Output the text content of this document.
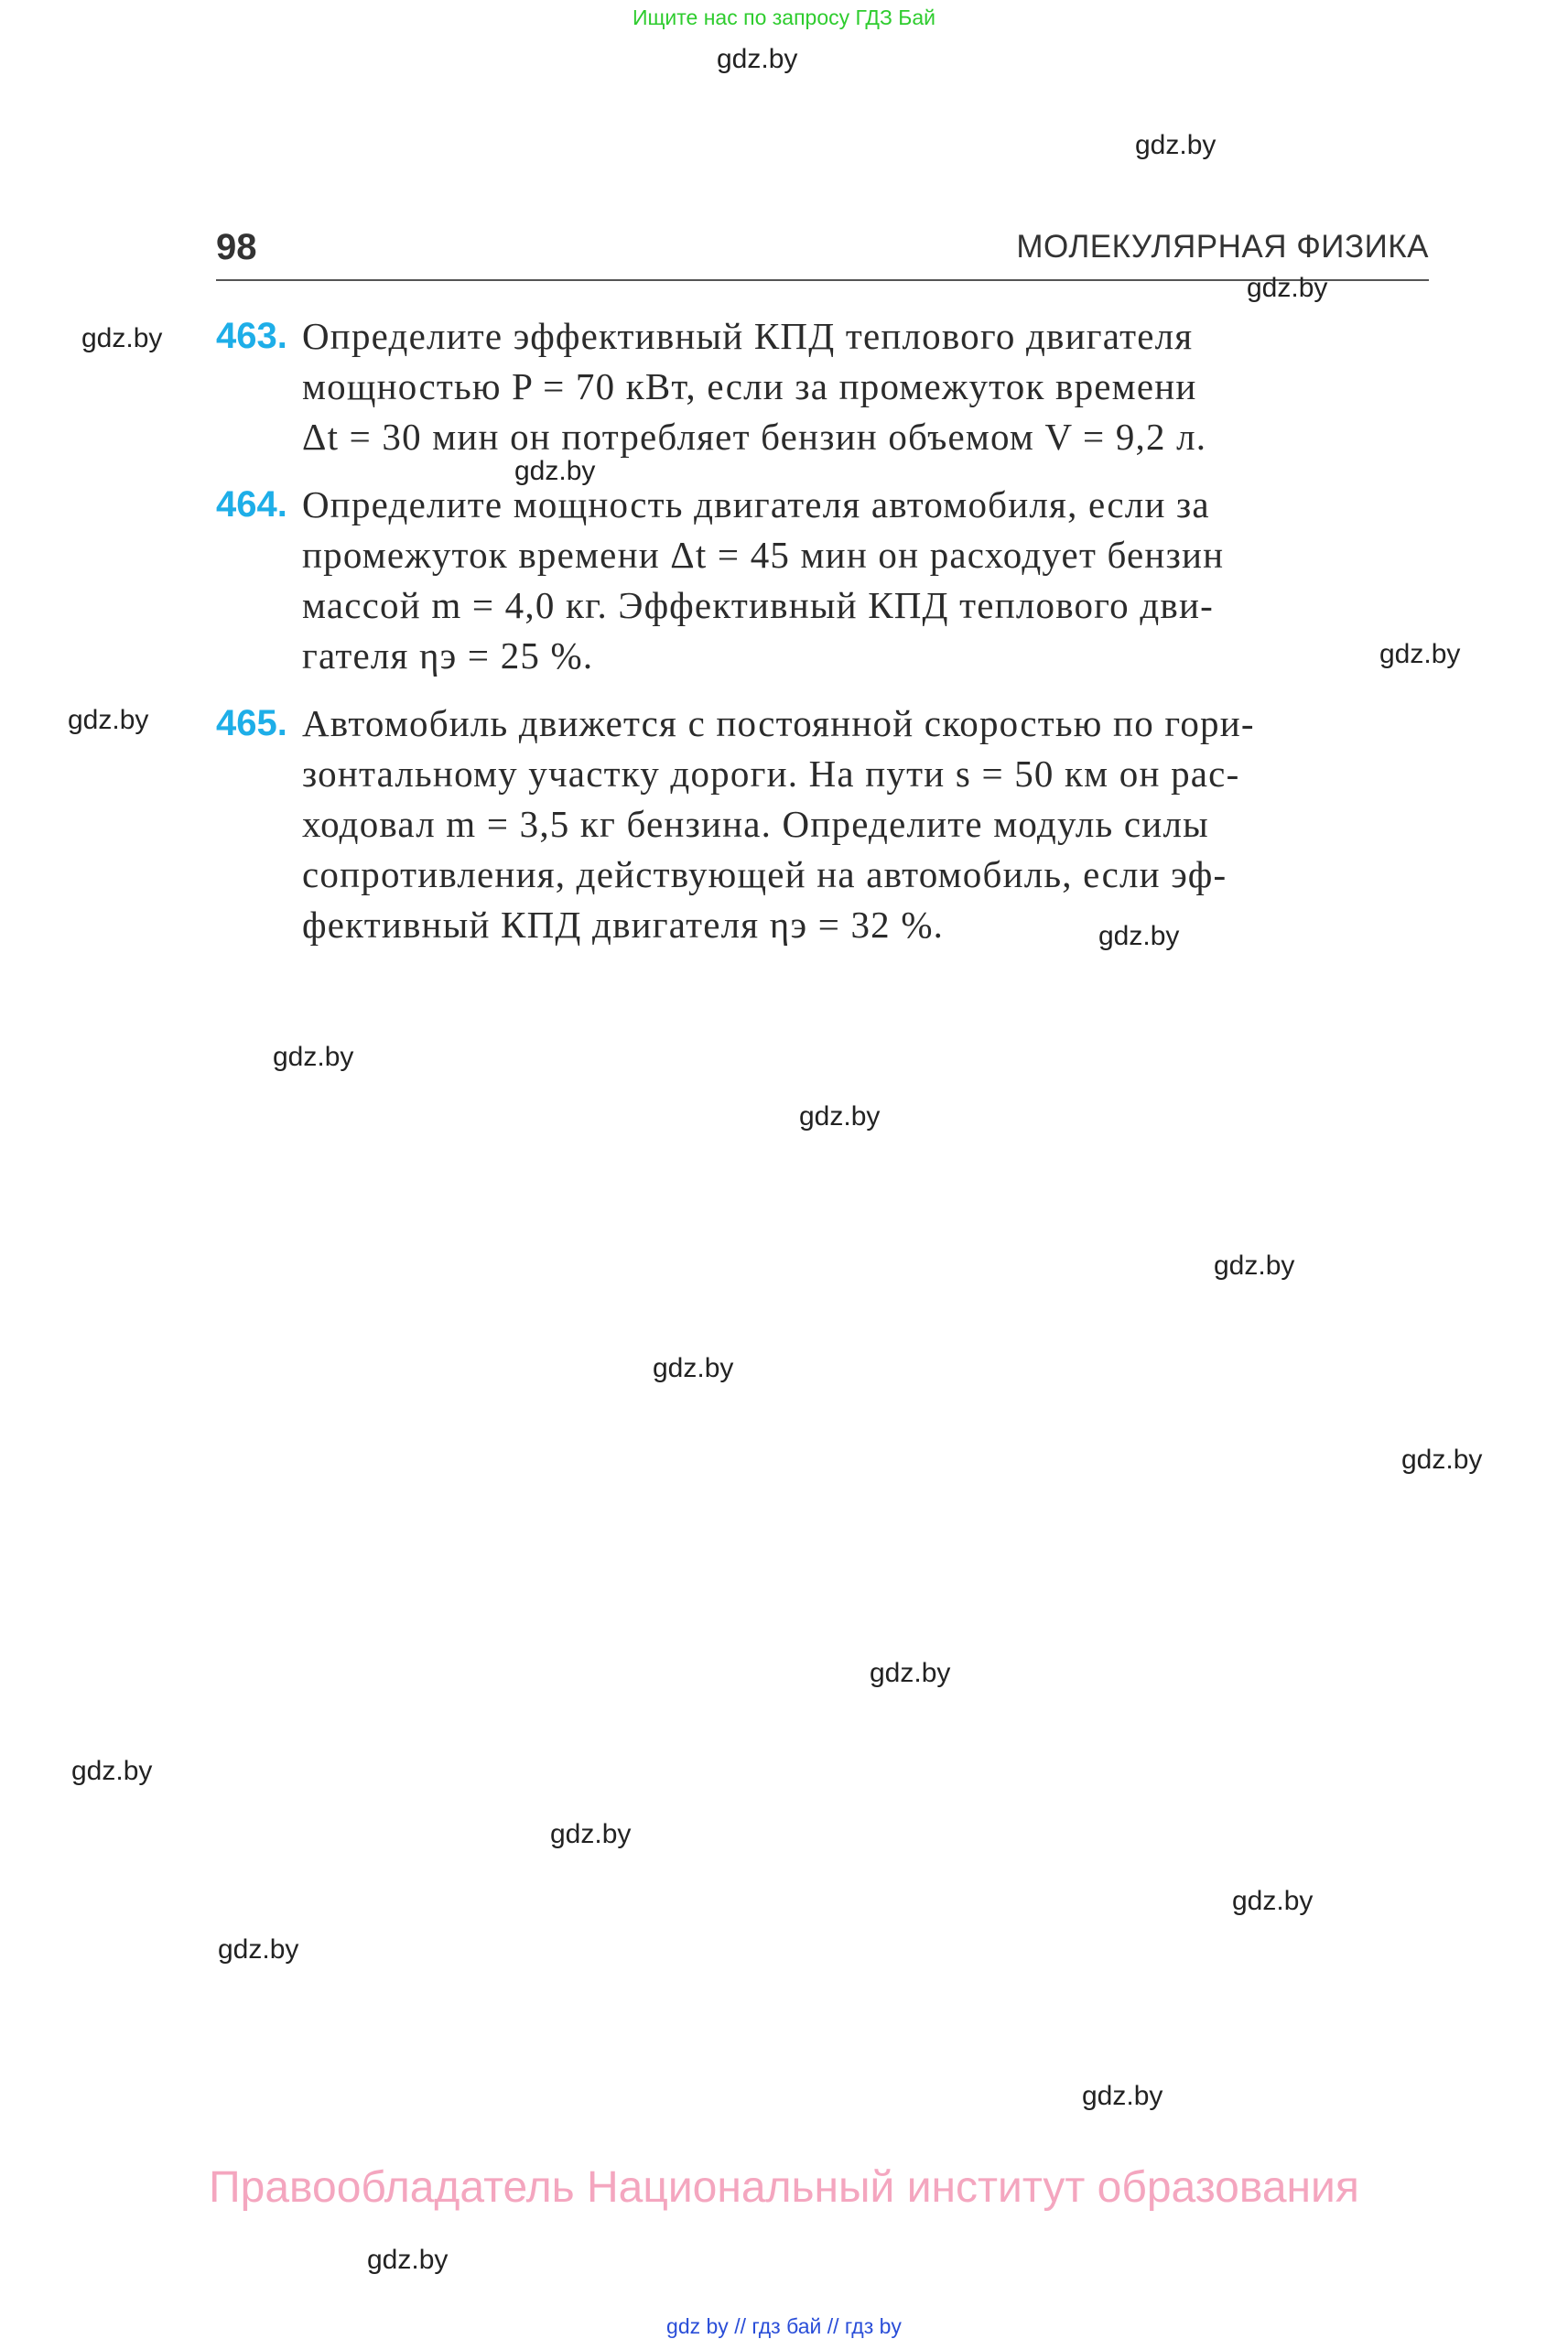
Ищите нас по запросу ГДЗ Бай
98	МОЛЕКУЛЯРНАЯ ФИЗИКА
463. Определите эффективный КПД теплового двигателя
мощностью P = 70 кВт, если за промежуток времени
Δt = 30 мин он потребляет бензин объемом V = 9,2 л.
464. Определите мощность двигателя автомобиля, если за
промежуток времени Δt = 45 мин он расходует бензин
массой m = 4,0 кг. Эффективный КПД теплового дви-
гателя ηэ = 25 %.
465. Автомобиль движется с постоянной скоростью по гори-
зонтальному участку дороги. На пути s = 50 км он рас-
ходовал m = 3,5 кг бензина. Определите модуль силы
сопротивления, действующей на автомобиль, если эф-
фективный КПД двигателя ηэ = 32 %.
gdz.by
gdz.by
gdz.by
gdz.by
gdz.by
gdz.by
gdz.by
gdz.by
gdz.by
gdz.by
gdz.by
gdz.by
gdz.by
gdz.by
gdz.by
gdz.by
gdz.by
gdz.by
gdz.by
gdz.by
Правообладатель Национальный институт образования
gdz by // гдз бай // гдз by
